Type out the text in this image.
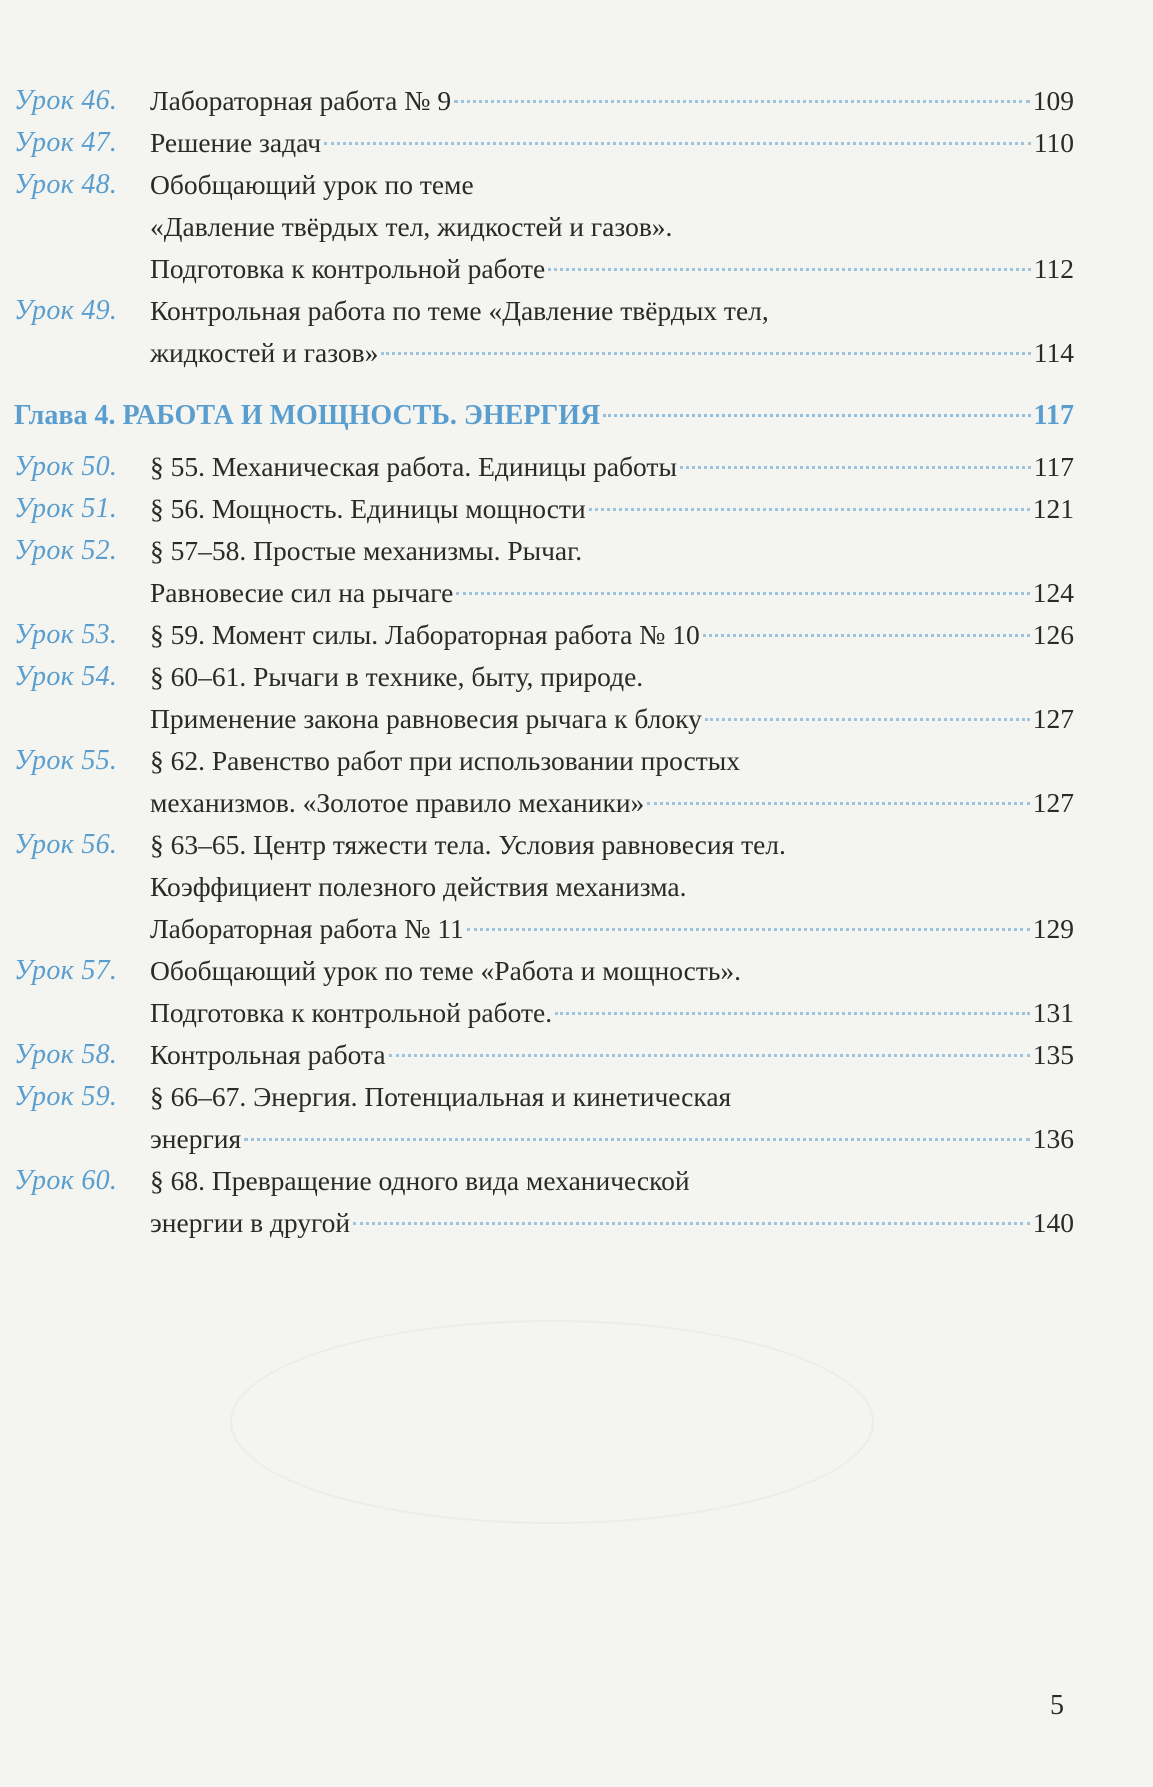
Урок 46.	Лабораторная работа № 9	109
Урок 47.	Решение задач	110
Урок 48.	Обобщающий урок по теме
«Давление твёрдых тел, жидкостей и газов».
Подготовка к контрольной работе	112
Урок 49.	Контрольная работа по теме «Давление твёрдых тел,
жидкостей и газов»	114
Глава 4. РАБОТА И МОЩНОСТЬ. ЭНЕРГИЯ	117
Урок 50.	§ 55. Механическая работа. Единицы работы	117
Урок 51.	§ 56. Мощность. Единицы мощности	121
Урок 52.	§ 57–58. Простые механизмы. Рычаг.
Равновесие сил на рычаге	124
Урок 53.	§ 59. Момент силы. Лабораторная работа № 10	126
Урок 54.	§ 60–61. Рычаги в технике, быту, природе.
Применение закона равновесия рычага к блоку	127
Урок 55.	§ 62. Равенство работ при использовании простых
механизмов. «Золотое правило механики»	127
Урок 56.	§ 63–65. Центр тяжести тела. Условия равновесия тел.
Коэффициент полезного действия механизма.
Лабораторная работа № 11	129
Урок 57.	Обобщающий урок по теме «Работа и мощность».
Подготовка к контрольной работе.	131
Урок 58.	Контрольная работа	135
Урок 59.	§ 66–67. Энергия. Потенциальная и кинетическая
энергия	136
Урок 60.	§ 68. Превращение одного вида механической
энергии в другой	140
5
